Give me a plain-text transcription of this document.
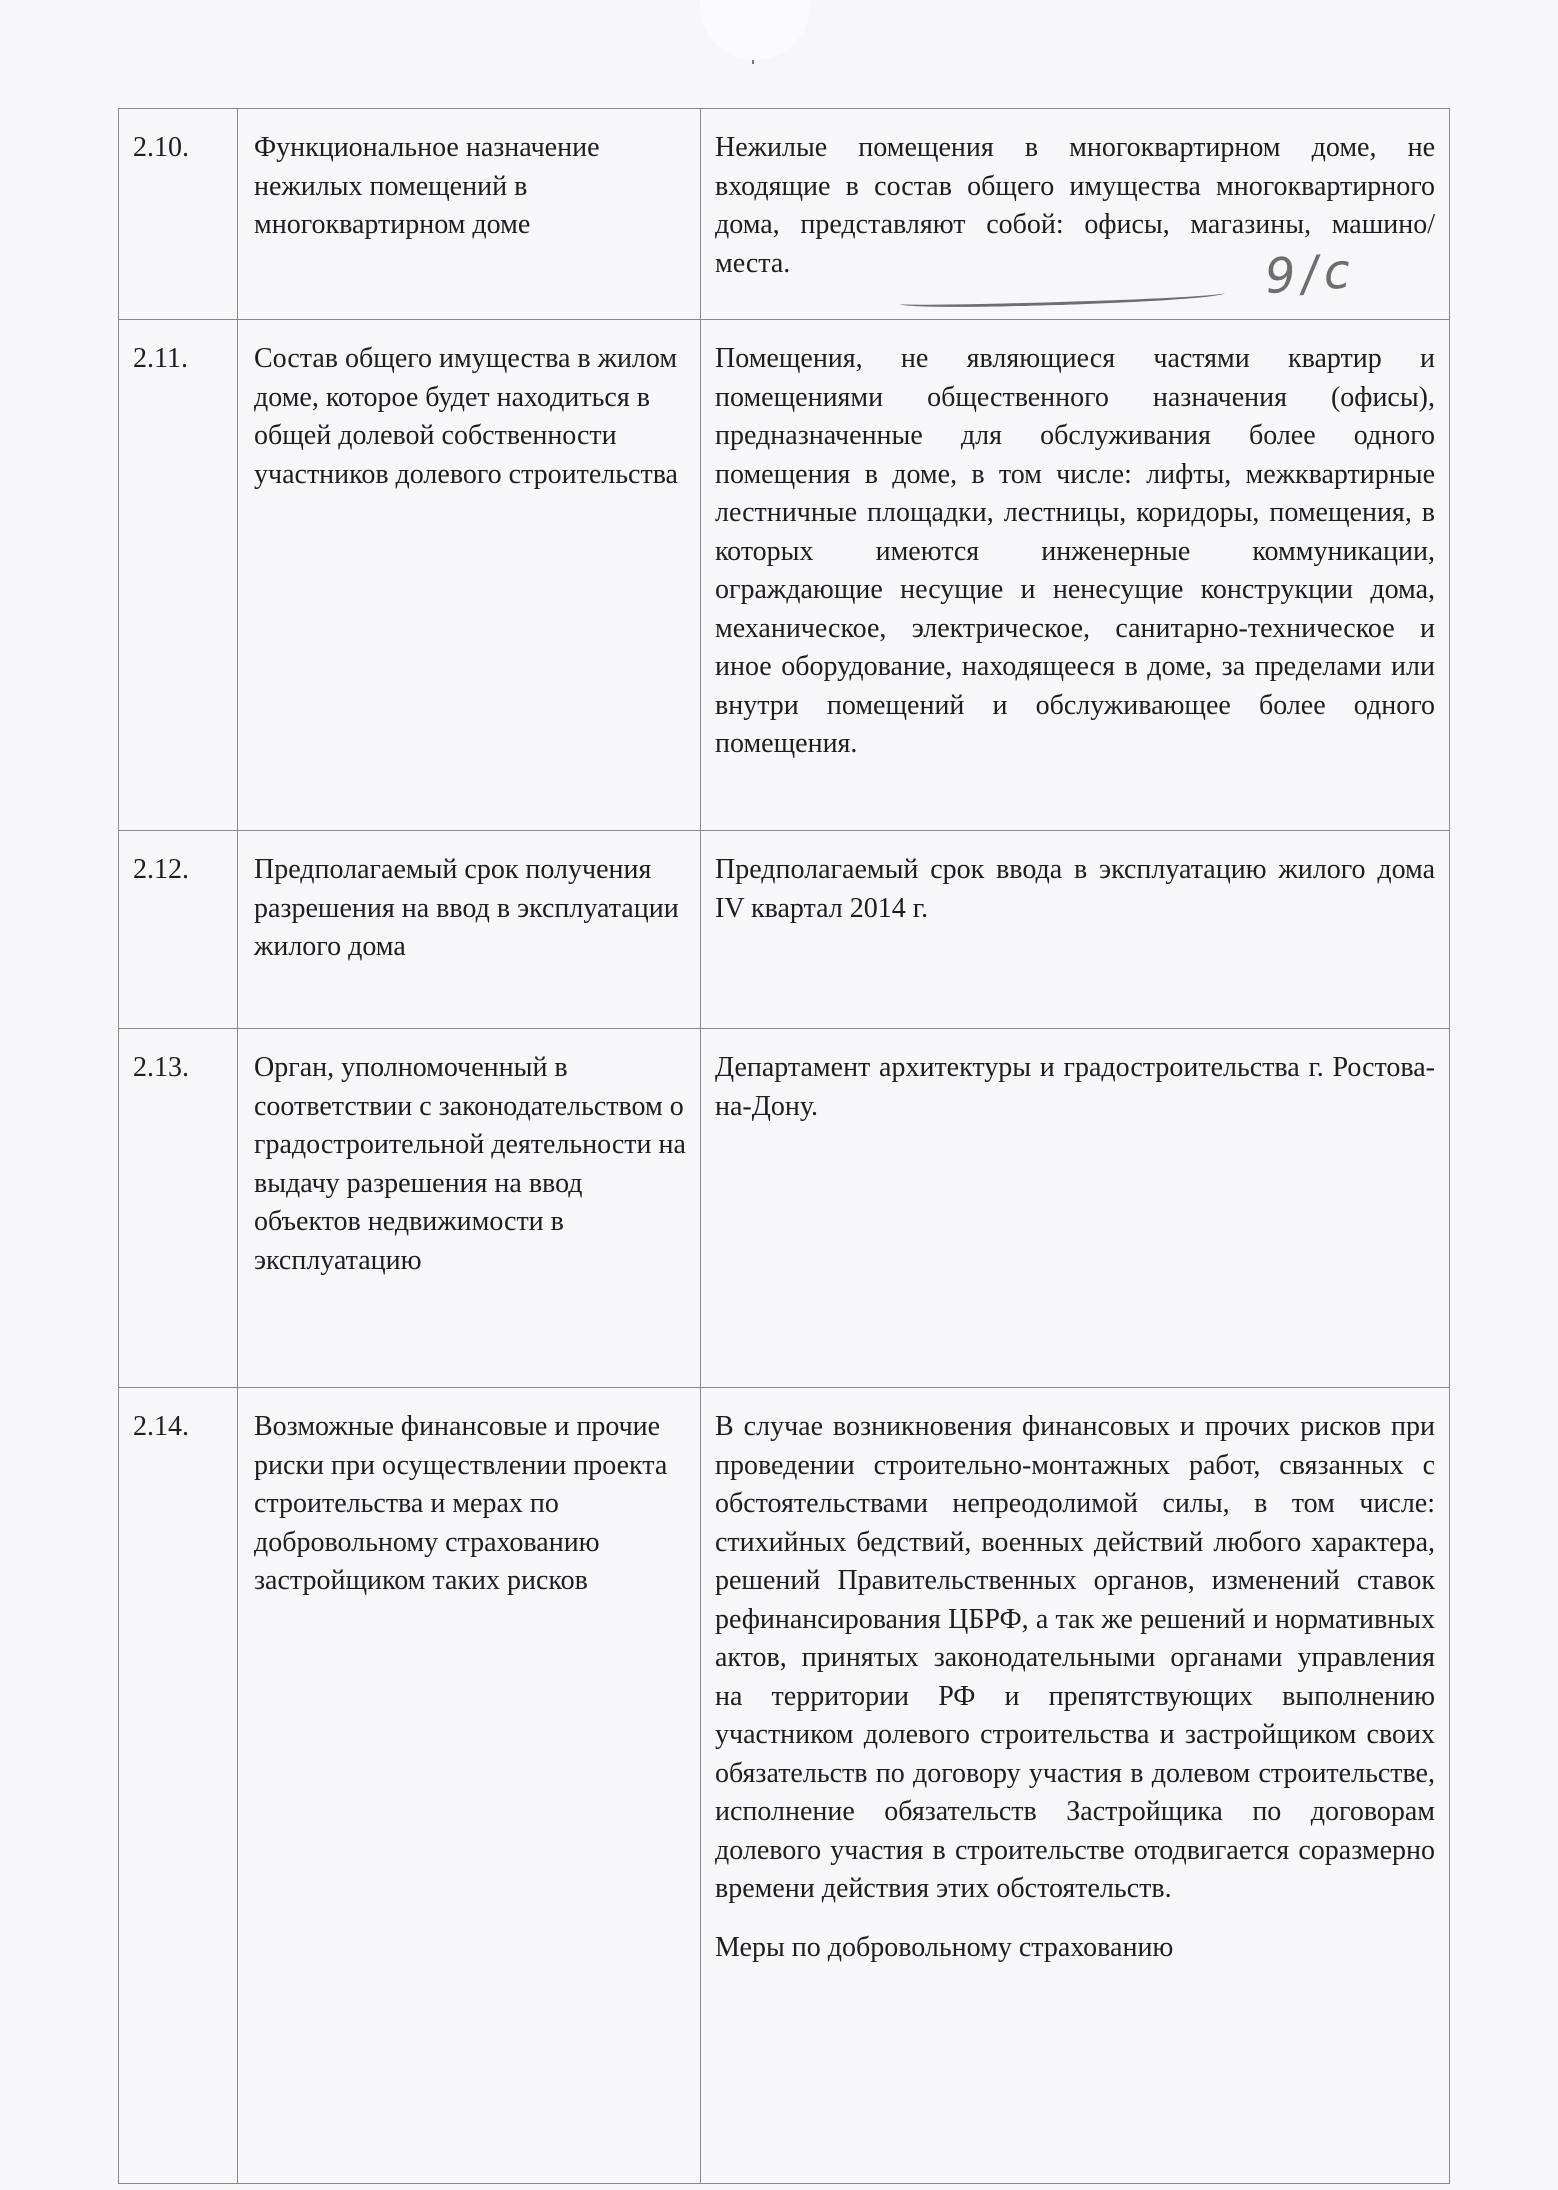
2.10.	Функциональное назначение нежилых помещений в многоквартирном доме	Нежилые помещения в многоквартирном доме, не входящие в состав общего имущества многоквартирного дома, представляют собой: офисы, магазины, машино/места.

2.11.	Состав общего имущества в жилом доме, которое будет находиться в общей долевой собственности участников долевого строительства	Помещения, не являющиеся частями квартир и помещениями общественного назначения (офисы), предназначенные для обслуживания более одного помещения в доме, в том числе: лифты, межквартирные лестничные площадки, лестницы, коридоры, помещения, в которых имеются инженерные коммуникации, ограждающие несущие и ненесущие конструкции дома, механическое, электрическое, санитарно-техническое и иное оборудование, находящееся в доме, за пределами или внутри помещений и обслуживающее более одного помещения.

2.12.	Предполагаемый срок получения разрешения на ввод в эксплуатации жилого дома	Предполагаемый срок ввода в эксплуатацию жилого дома IV квартал 2014 г.

2.13.	Орган, уполномоченный в соответствии с законодательством о градостроительной деятельности на выдачу разрешения на ввод объектов недвижимости в эксплуатацию	Департамент архитектуры и градостроительства г. Ростова-на-Дону.

2.14.	Возможные финансовые и прочие риски при осуществлении проекта строительства и мерах по добровольному страхованию застройщиком таких рисков	В случае возникновения финансовых и прочих рисков при проведении строительно-монтажных работ, связанных с обстоятельствами непреодолимой силы, в том числе: стихийных бедствий, военных действий любого характера, решений Правительственных органов, изменений ставок рефинансирования ЦБРФ, а так же решений и нормативных актов, принятых законодательными органами управления на территории РФ и препятствующих выполнению участником долевого строительства и застройщиком своих обязательств по договору участия в долевом строительстве, исполнение обязательств Застройщика по договорам долевого участия в строительстве отодвигается соразмерно времени действия этих обстоятельств.

Меры по добровольному страхованию

9/с
